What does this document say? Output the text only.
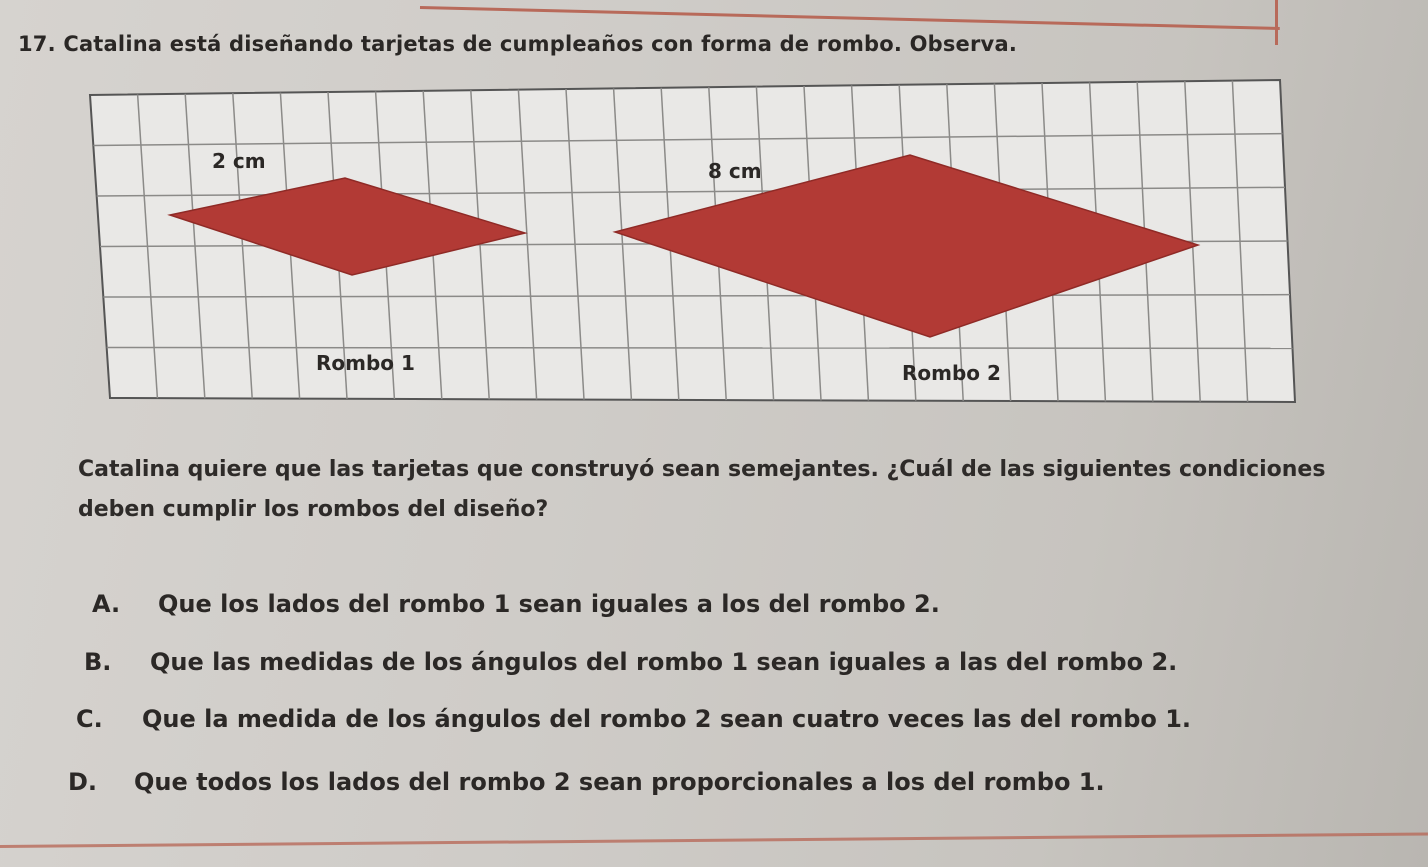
17. Catalina está diseñando tarjetas de cumpleaños con forma de rombo. Observa.
2 cm	8 cm
Rombo 1	Rombo 2
Catalina quiere que las tarjetas que construyó sean semejantes. ¿Cuál de las siguientes condiciones deben cumplir los rombos del diseño?
A. Que los lados del rombo 1 sean iguales a los del rombo 2.
B. Que las medidas de los ángulos del rombo 1 sean iguales a las del rombo 2.
C. Que la medida de los ángulos del rombo 2 sean cuatro veces las del rombo 1.
D. Que todos los lados del rombo 2 sean proporcionales a los del rombo 1.
